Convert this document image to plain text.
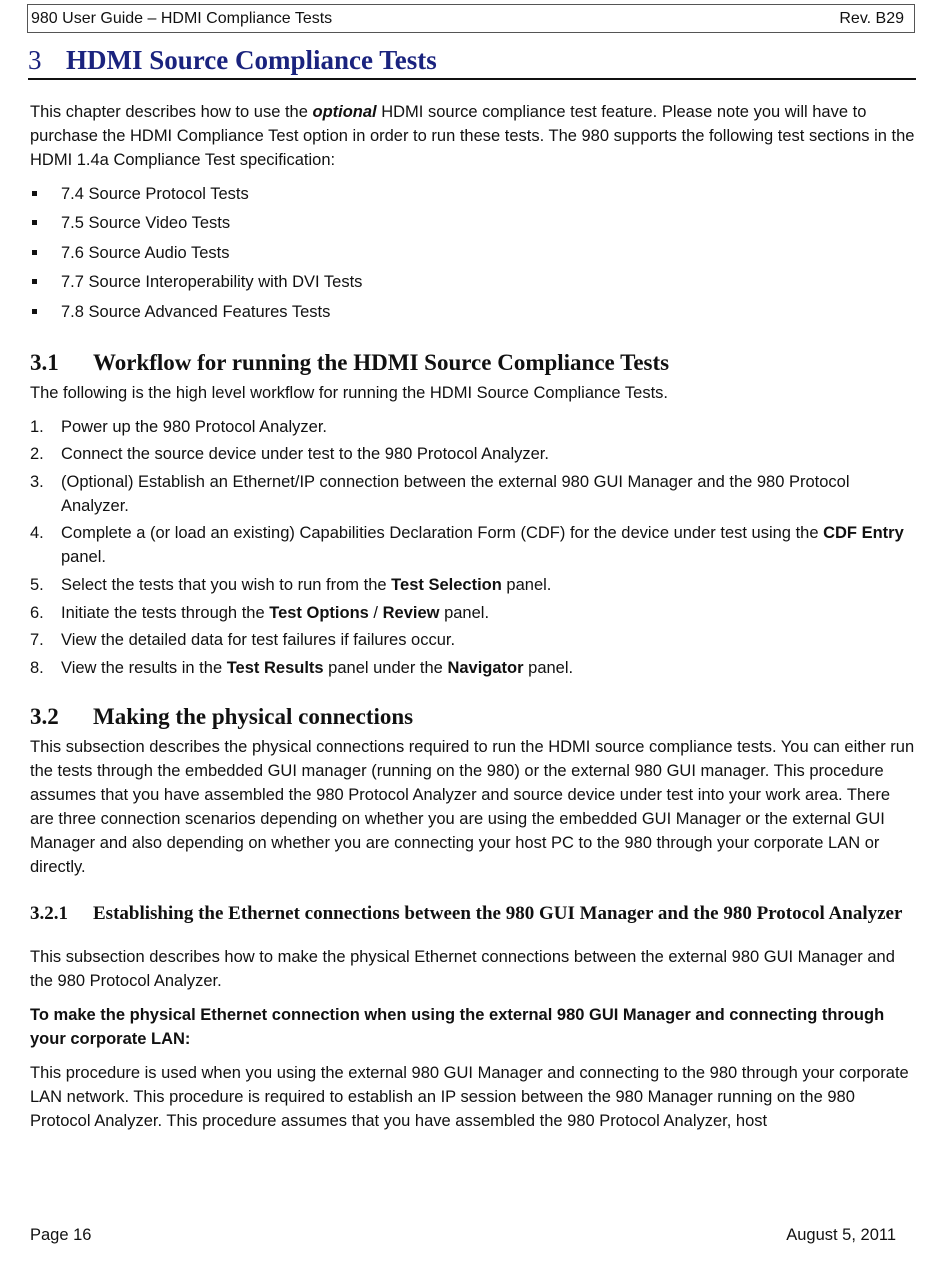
980 User Guide – HDMI Compliance Tests	Rev. B29
3 HDMI Source Compliance Tests

This chapter describes how to use the optional HDMI source compliance test feature. Please note you will have to purchase the HDMI Compliance Test option in order to run these tests. The 980 supports the following test sections in the HDMI 1.4a Compliance Test specification:

7.4 Source Protocol Tests
7.5 Source Video Tests
7.6 Source Audio Tests
7.7 Source Interoperability with DVI Tests
7.8 Source Advanced Features Tests
3.1	Workflow for running the HDMI Source Compliance Tests

The following is the high level workflow for running the HDMI Source Compliance Tests.

1. Power up the 980 Protocol Analyzer.
2. Connect the source device under test to the 980 Protocol Analyzer.
3. (Optional) Establish an Ethernet/IP connection between the external 980 GUI Manager and the 980 Protocol Analyzer.
4. Complete a (or load an existing) Capabilities Declaration Form (CDF) for the device under test using the CDF Entry panel.
5. Select the tests that you wish to run from the Test Selection panel.
6. Initiate the tests through the Test Options / Review panel.
7. View the detailed data for test failures if failures occur.
8. View the results in the Test Results panel under the Navigator panel.
3.2	Making the physical connections

This subsection describes the physical connections required to run the HDMI source compliance tests. You can either run the tests through the embedded GUI manager (running on the 980) or the external 980 GUI manager. This procedure assumes that you have assembled the 980 Protocol Analyzer and source device under test into your work area. There are three connection scenarios depending on whether you are using the embedded GUI Manager or the external GUI Manager and also depending on whether you are connecting your host PC to the 980 through your corporate LAN or directly.

3.2.1	Establishing the Ethernet connections between the 980 GUI Manager and the 980 Protocol Analyzer

This subsection describes how to make the physical Ethernet connections between the external 980 GUI Manager and the 980 Protocol Analyzer.

To make the physical Ethernet connection when using the external 980 GUI Manager and connecting through your corporate LAN:

This procedure is used when you using the external 980 GUI Manager and connecting to the 980 through your corporate LAN network. This procedure is required to establish an IP session between the 980 Manager running on the 980 Protocol Analyzer. This procedure assumes that you have assembled the 980 Protocol Analyzer, host

Page 16	August 5, 2011
